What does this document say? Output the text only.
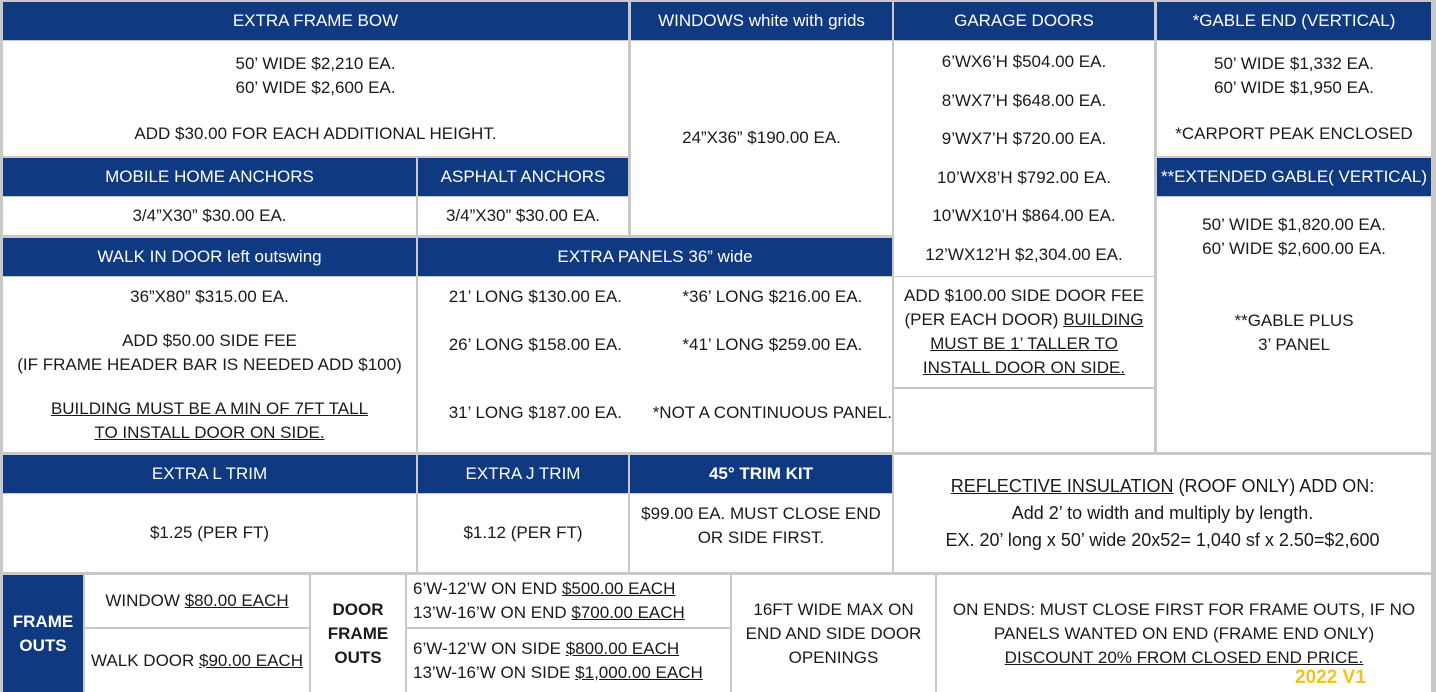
EXTRA FRAME BOW
50’ WIDE $2,210 EA.
60’ WIDE $2,600 EA.
ADD $30.00 FOR EACH ADDITIONAL HEIGHT.
WINDOWS white with grids
24”X36” $190.00 EA.
GARAGE DOORS
6’WX6’H $504.00 EA.
8’WX7’H $648.00 EA.
9’WX7’H $720.00 EA.
10’WX8’H $792.00 EA.
10’WX10’H $864.00 EA.
12’WX12’H $2,304.00 EA.
ADD $100.00 SIDE DOOR FEE
(PER EACH DOOR) BUILDING
MUST BE 1’ TALLER TO
INSTALL DOOR ON SIDE.
*GABLE END (VERTICAL)
50’ WIDE $1,332 EA.
60’ WIDE $1,950 EA.
*CARPORT PEAK ENCLOSED
MOBILE HOME ANCHORS
3/4”X30” $30.00 EA.
ASPHALT ANCHORS
3/4”X30” $30.00 EA.
**EXTENDED GABLE( VERTICAL)
50’ WIDE $1,820.00 EA.
60’ WIDE $2,600.00 EA.
**GABLE PLUS
3’ PANEL
WALK IN DOOR left outswing
36”X80” $315.00 EA.
ADD $50.00 SIDE FEE
(IF FRAME HEADER BAR IS NEEDED ADD $100)
BUILDING MUST BE A MIN OF 7FT TALL
TO INSTALL DOOR ON SIDE.
EXTRA PANELS 36” wide
21’ LONG $130.00 EA.	*36’ LONG $216.00 EA.
26’ LONG $158.00 EA.	*41’ LONG $259.00 EA.
31’ LONG $187.00 EA.	*NOT A CONTINUOUS PANEL.
EXTRA L TRIM
$1.25 (PER FT)
EXTRA J TRIM
$1.12 (PER FT)
45° TRIM KIT
$99.00 EA. MUST CLOSE END
OR SIDE FIRST.
REFLECTIVE INSULATION (ROOF ONLY) ADD ON:
Add 2’ to width and multiply by length.
EX. 20’ long x 50’ wide 20x52= 1,040 sf x 2.50=$2,600
FRAME
OUTS
WINDOW $80.00 EACH
WALK DOOR $90.00 EACH
DOOR
FRAME
OUTS
6’W-12’W ON END $500.00 EACH
13’W-16’W ON END $700.00 EACH
6’W-12’W ON SIDE $800.00 EACH
13’W-16’W ON SIDE $1,000.00 EACH
16FT WIDE MAX ON
END AND SIDE DOOR
OPENINGS
ON ENDS: MUST CLOSE FIRST FOR FRAME OUTS, IF NO
PANELS WANTED ON END (FRAME END ONLY)
DISCOUNT 20% FROM CLOSED END PRICE.
2022 V1
